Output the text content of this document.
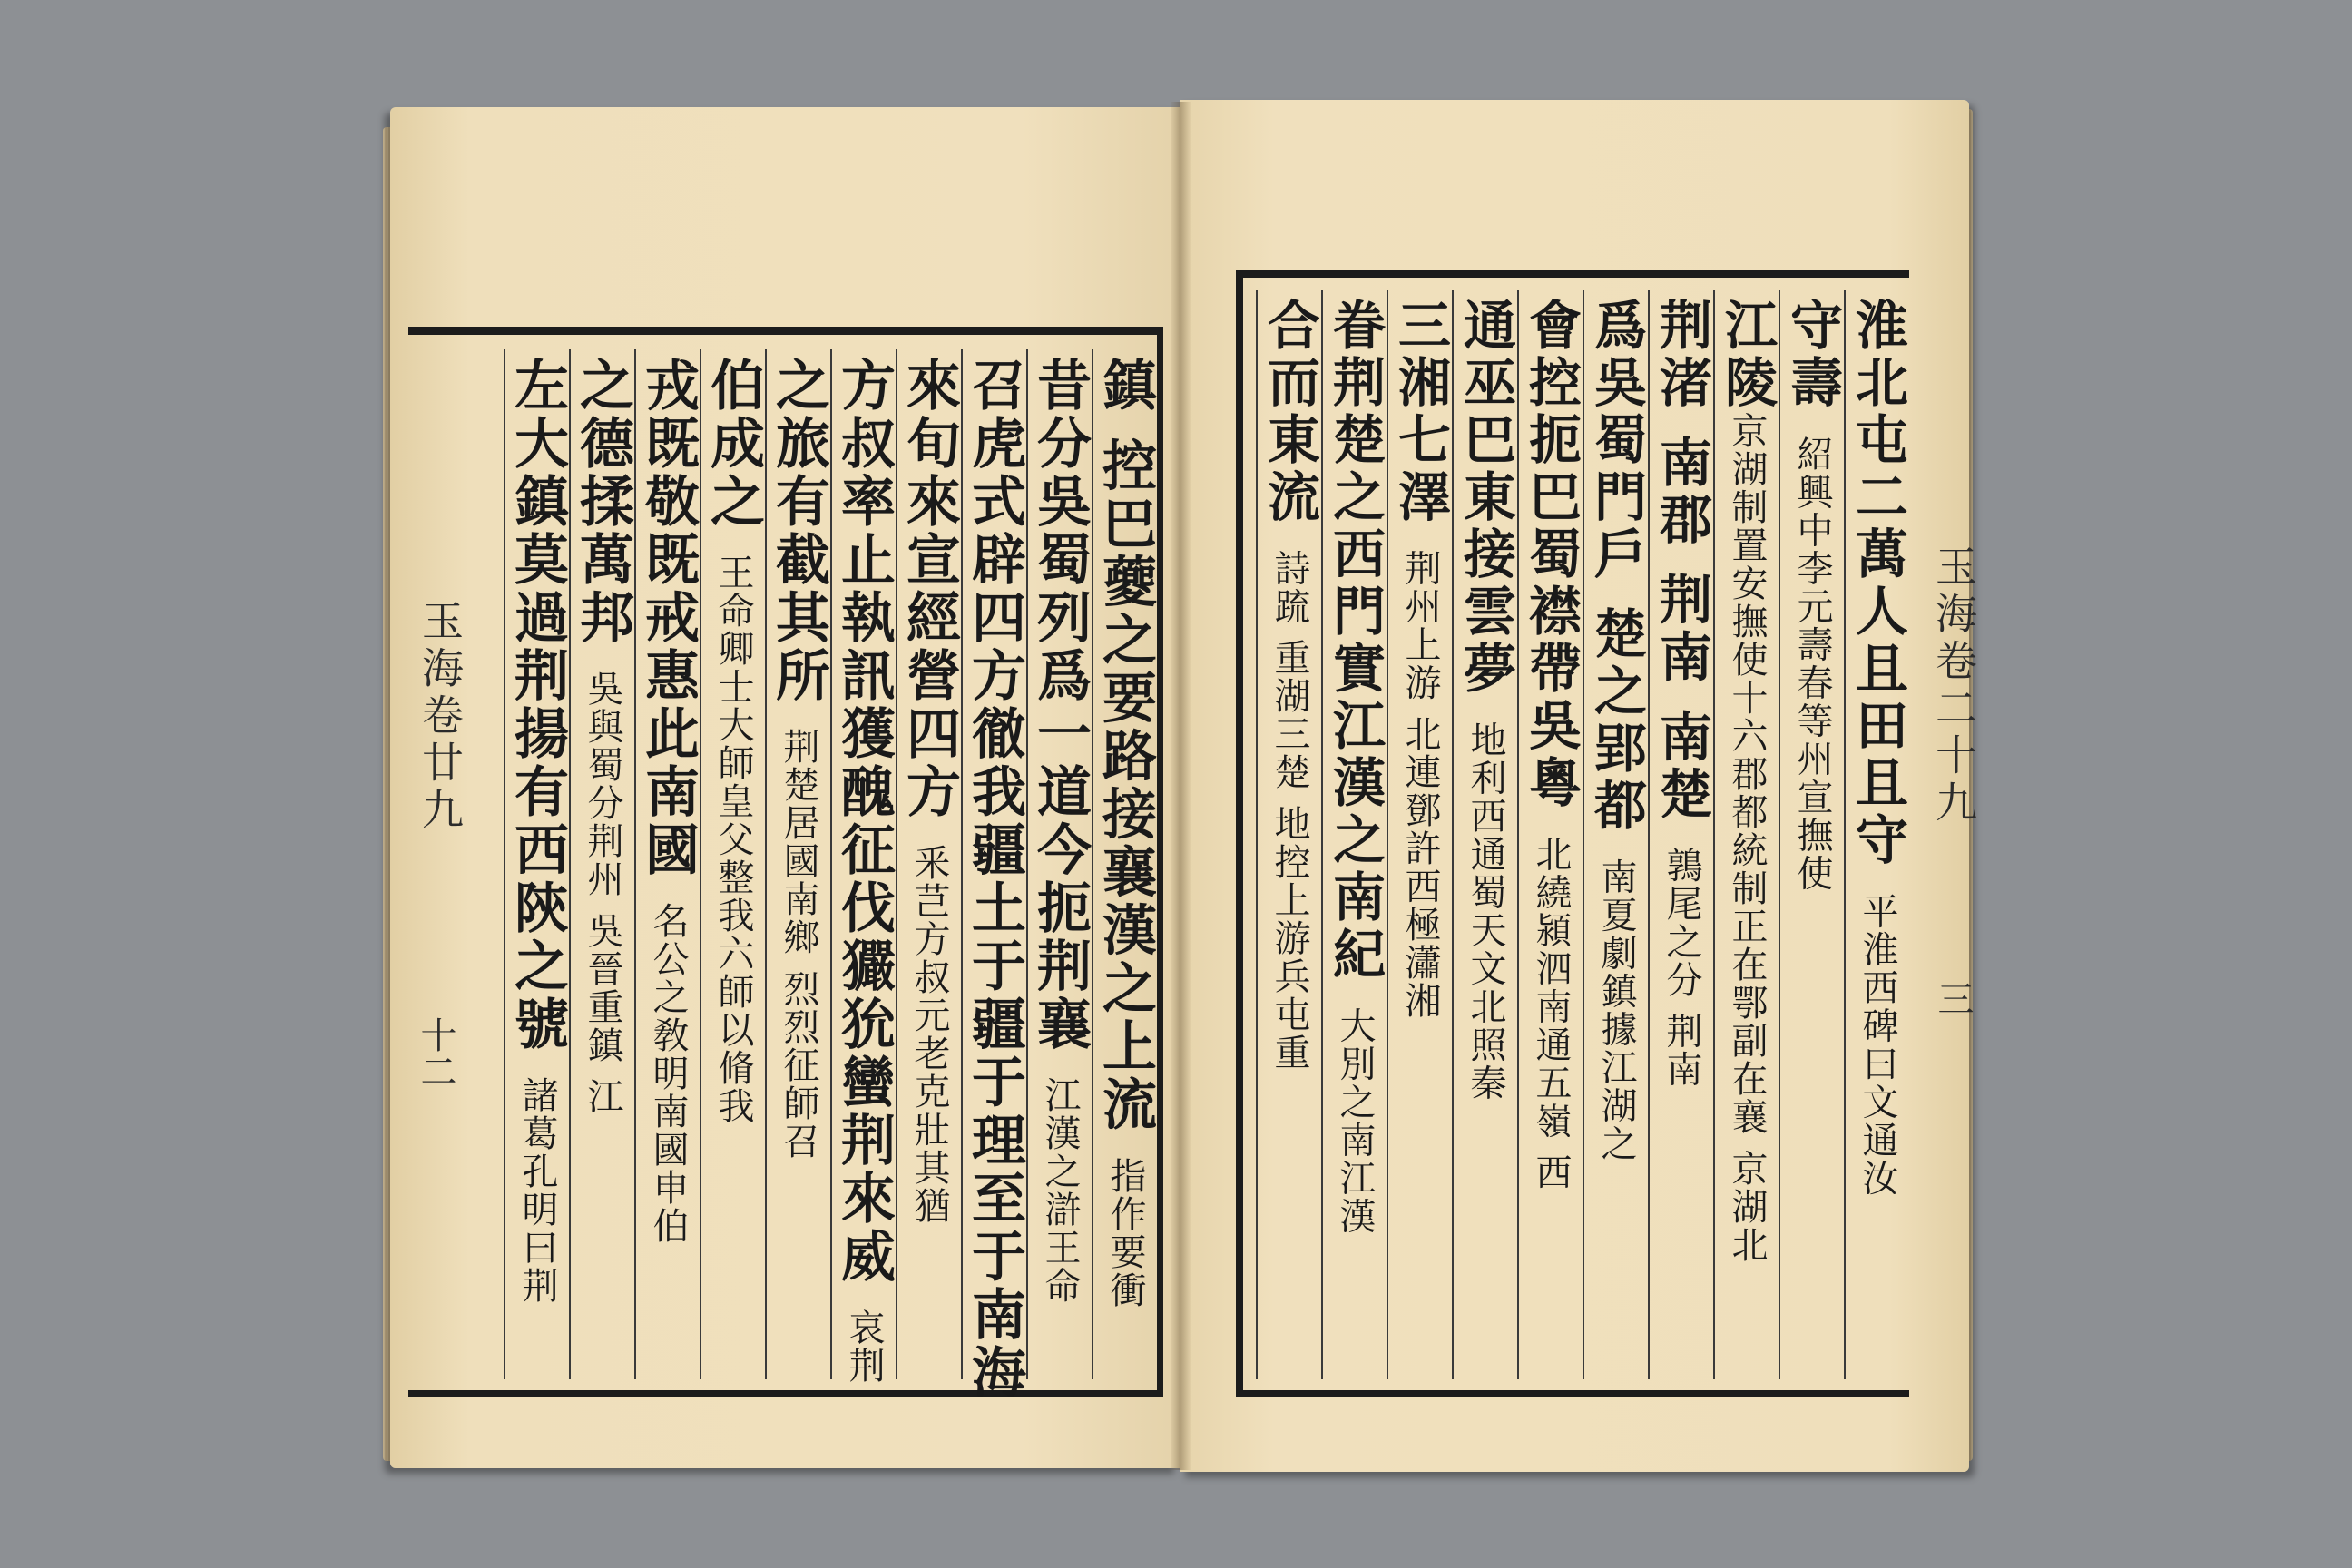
鎮 控巴䕫之要路接襄漢之上流 指作要衝
昔分吳蜀列爲一道今扼荆襄 江漢之滸王命
召虎式辟四方徹我疆土于疆于理至于南海
來旬來宣經營四方 釆芑方叔元老克壯其猶
方叔率止執訊獲醜征伐玁狁蠻荆來威 哀荆
之旅有截其所 荆楚居國南鄉 烈烈征師召
伯成之 王命卿士大師皇父整我六師以脩我
戎既敬既戒惠此南國 名公之敎明南國申伯
之德揉萬邦 吳與蜀分荆州 吳晉重鎮 江
左大鎮莫過荆揚有西陝之號 諸葛孔明曰荆
玉海卷廿九
十二
淮北屯二萬人且田且守 平淮西碑曰文通汝
守壽 紹興中李元壽春等州宣撫使
江陵京湖制置安撫使十六郡都統制正在鄂副在襄 京湖北
荆渚 南郡 荆南 南楚 鶉尾之分 荆南
爲吳蜀門戶 楚之郢都 南夏劇鎮據江湖之
會控扼巴蜀襟帶吳粵 北繞潁泗南通五嶺 西
通巫巴東接雲夢 地利西通蜀天文北照秦
三湘七澤 荆州上游 北連鄧許西極瀟湘
眷荆楚之西門實江漢之南紀 大別之南江漢
合而東流 詩䟽 重湖三楚 地控上游兵屯重	玉海卷二十九
三
